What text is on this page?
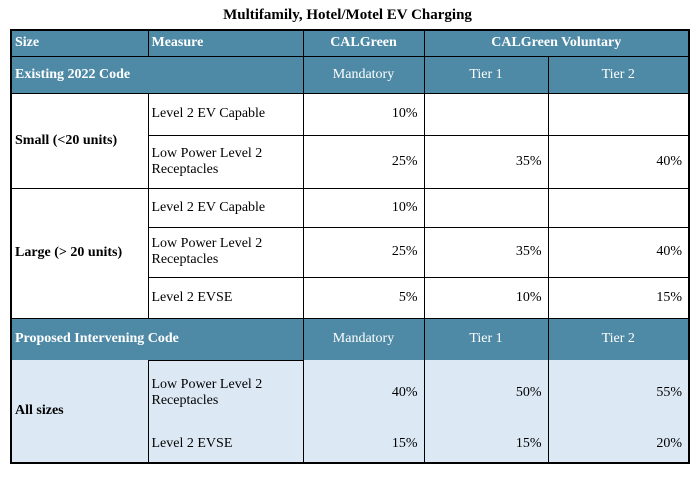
Multifamily, Hotel/Motel EV Charging
Size	Measure	CALGreen	CALGreen Voluntary	
Existing 2022 Code		Mandatory	Tier 1	Tier 2
Small (<20 units)	Level 2 EV Capable	10%		
	Low Power Level 2 Receptacles	25%	35%	40%
Large (> 20 units)	Level 2 EV Capable	10%		
	Low Power Level 2 Receptacles	25%	35%	40%
	Level 2 EVSE	5%	10%	15%
Proposed Intervening Code		Mandatory	Tier 1	Tier 2
All sizes	Low Power Level 2 Receptacles	40%	50%	55%
	Level 2 EVSE	15%	15%	20%
